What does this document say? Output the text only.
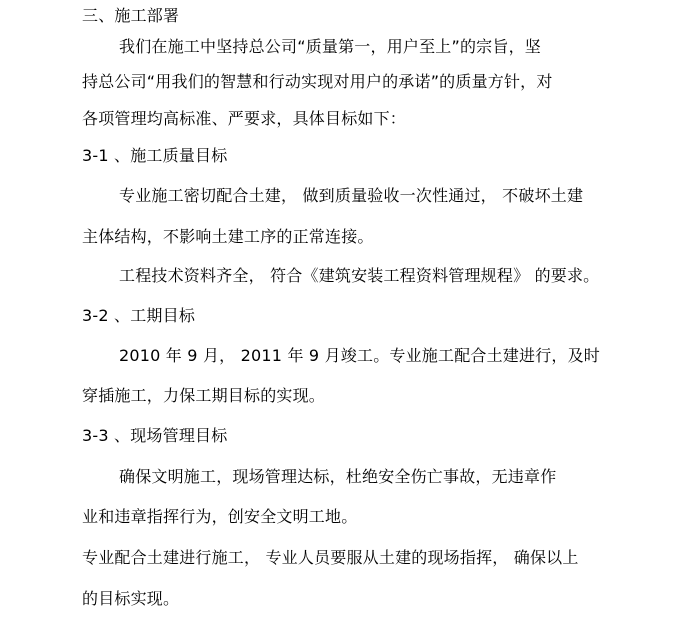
三、施工部署
我们在施工中坚持总公司“质量第一，用户至上”的宗旨，坚
持总公司“用我们的智慧和行动实现对用户的承诺”的质量方针，对
各项管理均高标准、严要求，具体目标如下：
3-1 、施工质量目标
专业施工密切配合土建， 做到质量验收一次性通过， 不破坏土建
主体结构，不影响土建工序的正常连接。
工程技术资料齐全， 符合《建筑安装工程资料管理规程》 的要求。
3-2 、工期目标
2010 年 9 月， 2011 年 9 月竣工。专业施工配合土建进行，及时
穿插施工，力保工期目标的实现。
3-3 、现场管理目标
确保文明施工，现场管理达标，杜绝安全伤亡事故，无违章作
业和违章指挥行为，创安全文明工地。
专业配合土建进行施工， 专业人员要服从土建的现场指挥， 确保以上
的目标实现。
